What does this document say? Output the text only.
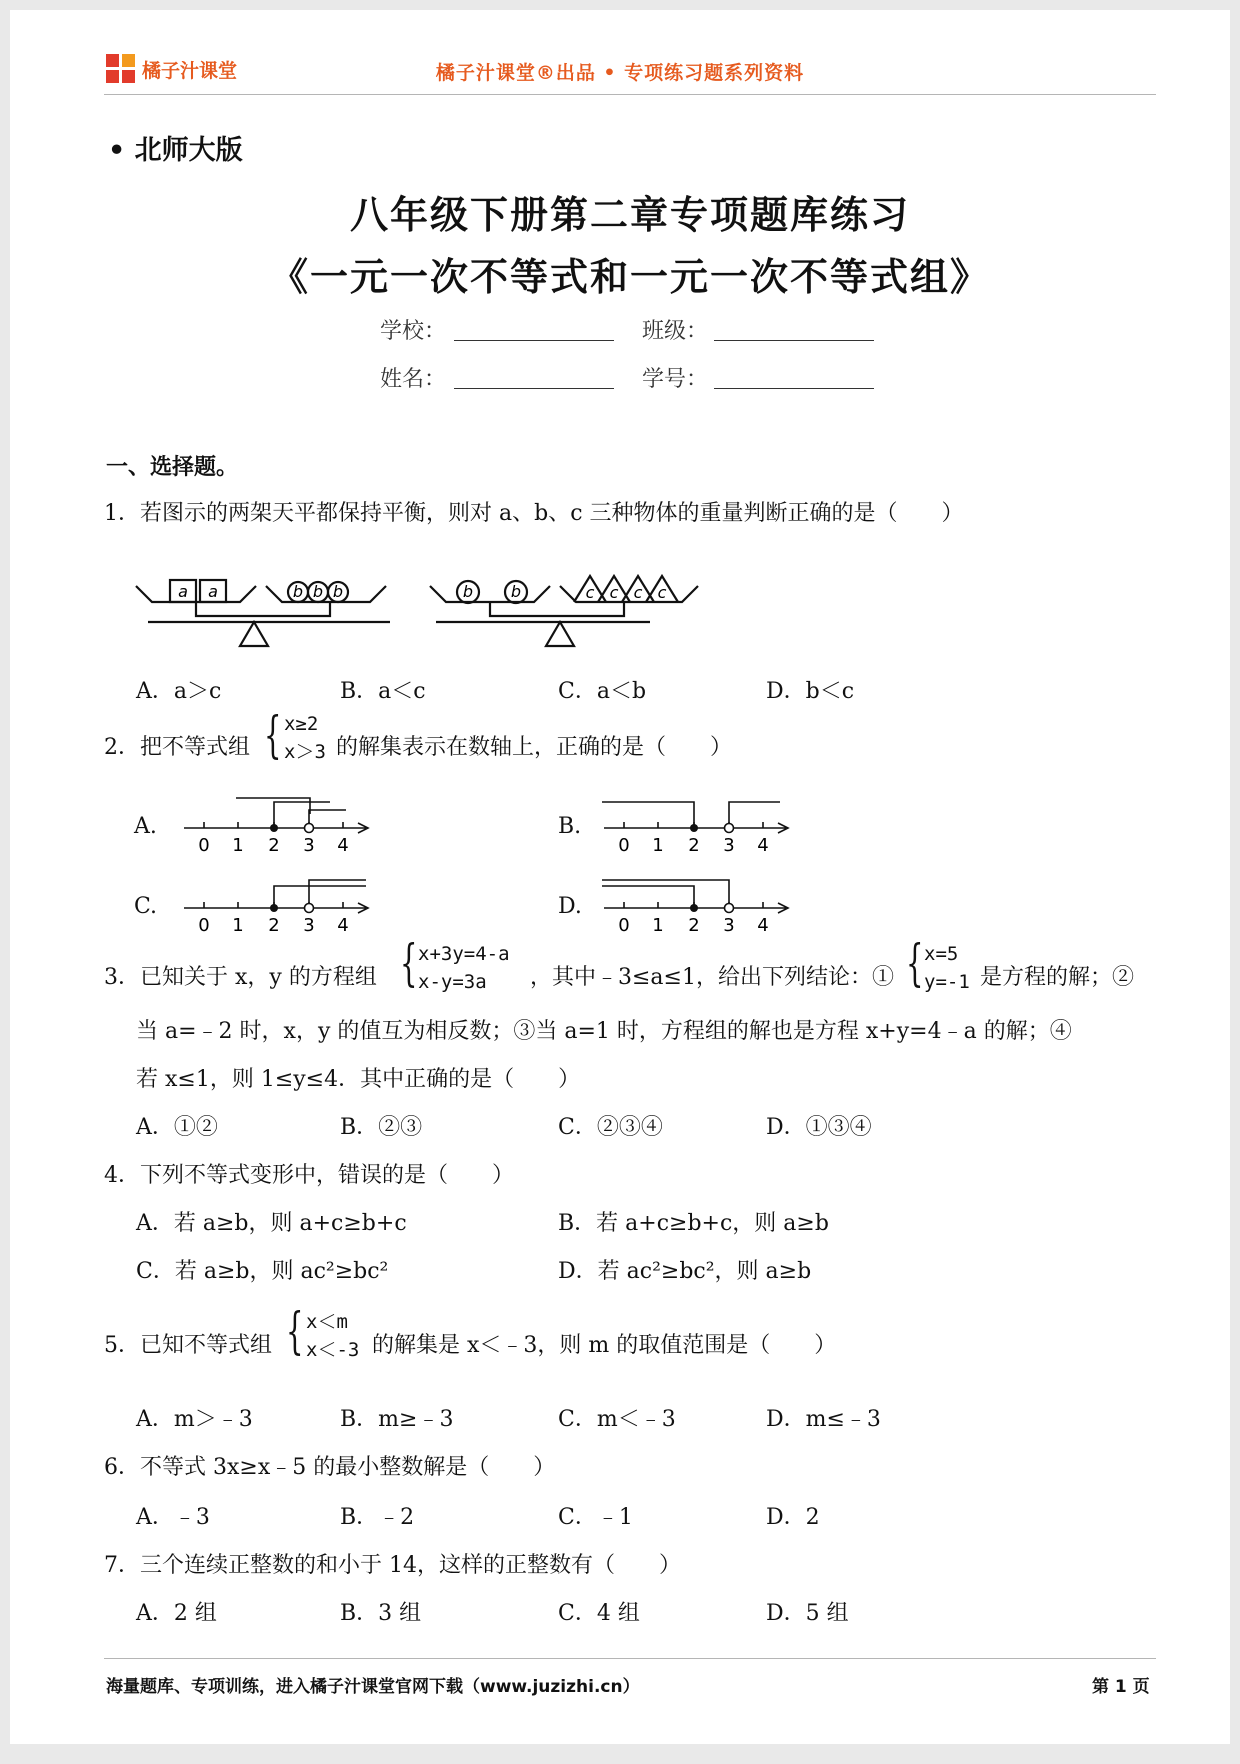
橘子汁课堂	橘子汁课堂®出品 • 专项练习题系列资料
• 北师大版
八年级下册第二章专项题库练习
《一元一次不等式和一元一次不等式组》
学校：	班级：
姓名：	学号：
一、选择题。
1．若图示的两架天平都保持平衡，则对 a、b、c 三种物体的重量判断正确的是（　　）
a a	b b b	b b	c c c c
A．a＞c	B．a＜c	C．a＜b	D．b＜c
2．把不等式组 { x≥2
x＞3 的解集表示在数轴上，正确的是（　　）
A.	B.
C.	D.
0 1 2 3 4	0 1 2 3 4
0 1 2 3 4	0 1 2 3 4
3．已知关于 x，y 的方程组 { x+3y=4-a
x-y=3a	，其中﹣3≤a≤1，给出下列结论：① { x=5
y=-1 是方程的解；②
当 a=﹣2 时，x，y 的值互为相反数；③当 a=1 时，方程组的解也是方程 x+y=4﹣a 的解；④
若 x≤1，则 1≤y≤4．其中正确的是（　　）
A．①②	B．②③	C．②③④	D．①③④
4．下列不等式变形中，错误的是（　　）
A．若 a≥b，则 a+c≥b+c	B．若 a+c≥b+c，则 a≥b
C．若 a≥b，则 ac²≥bc²	D．若 ac²≥bc²，则 a≥b
5．已知不等式组 { x＜m
x＜-3 的解集是 x＜﹣3，则 m 的取值范围是（　　）
A．m＞﹣3	B．m≥﹣3	C．m＜﹣3	D．m≤﹣3
6．不等式 3x≥x﹣5 的最小整数解是（　　）
A．﹣3	B．﹣2	C．﹣1	D．2
7．三个连续正整数的和小于 14，这样的正整数有（　　）
A．2 组	B．3 组	C．4 组	D．5 组
海量题库、专项训练，进入橘子汁课堂官网下载（www.juzizhi.cn）	第 1 页
